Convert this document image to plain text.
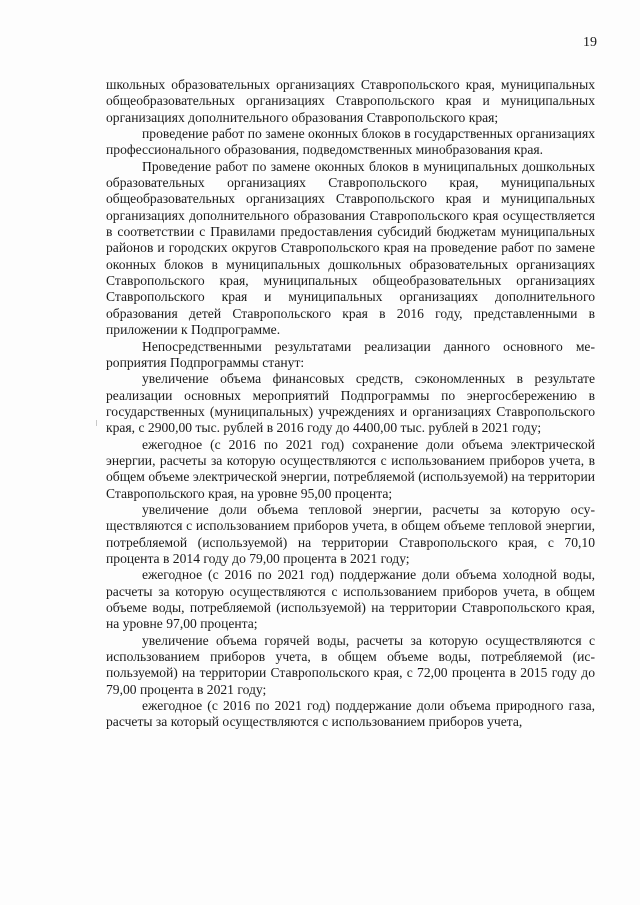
19

школьных образовательных организациях Ставропольского края, муниципальных общеобразовательных организациях Ставропольского края и муниципальных организациях дополнительного образования Ставропольского края;

проведение работ по замене оконных блоков в государственных организациях профессионального образования, подведомственных минобразования края.

Проведение работ по замене оконных блоков в муниципальных дошкольных образовательных организациях Ставропольского края, муниципальных общеобразовательных организациях Ставропольского края и муниципальных организациях дополнительного образования Ставропольского края осуществляется в соответствии с Правилами предоставления субсидий бюджетам муниципальных районов и городских округов Ставропольского края на проведение работ по замене оконных блоков в муниципальных дошкольных образовательных организациях Ставропольского края, муниципальных общеобразовательных организациях Ставропольского края и муниципальных организациях дополнительного образования детей Ставропольского края в 2016 году, представленными в приложении к Подпрограмме.

Непосредственными результатами реализации данного основного мероприятия Подпрограммы станут:

увеличение объема финансовых средств, сэкономленных в результате реализации основных мероприятий Подпрограммы по энергосбережению в государственных (муниципальных) учреждениях и организациях Ставропольского края, с 2900,00 тыс. рублей в 2016 году до 4400,00 тыс. рублей в 2021 году;

ежегодное (с 2016 по 2021 год) сохранение доли объема электрической энергии, расчеты за которую осуществляются с использованием приборов учета, в общем объеме электрической энергии, потребляемой (используемой) на территории Ставропольского края, на уровне 95,00 процента;

увеличение доли объема тепловой энергии, расчеты за которую осуществляются с использованием приборов учета, в общем объеме тепловой энергии, потребляемой (используемой) на территории Ставропольского края, с 70,10 процента в 2014 году до 79,00 процента в 2021 году;

ежегодное (с 2016 по 2021 год) поддержание доли объема холодной воды, расчеты за которую осуществляются с использованием приборов учета, в общем объеме воды, потребляемой (используемой) на территории Ставропольского края, на уровне 97,00 процента;

увеличение объема горячей воды, расчеты за которую осуществляются с использованием приборов учета, в общем объеме воды, потребляемой (используемой) на территории Ставропольского края, с 72,00 процента в 2015 году до 79,00 процента в 2021 году;

ежегодное (с 2016 по 2021 год) поддержание доли объема природного газа, расчеты за который осуществляются с использованием приборов учета,
